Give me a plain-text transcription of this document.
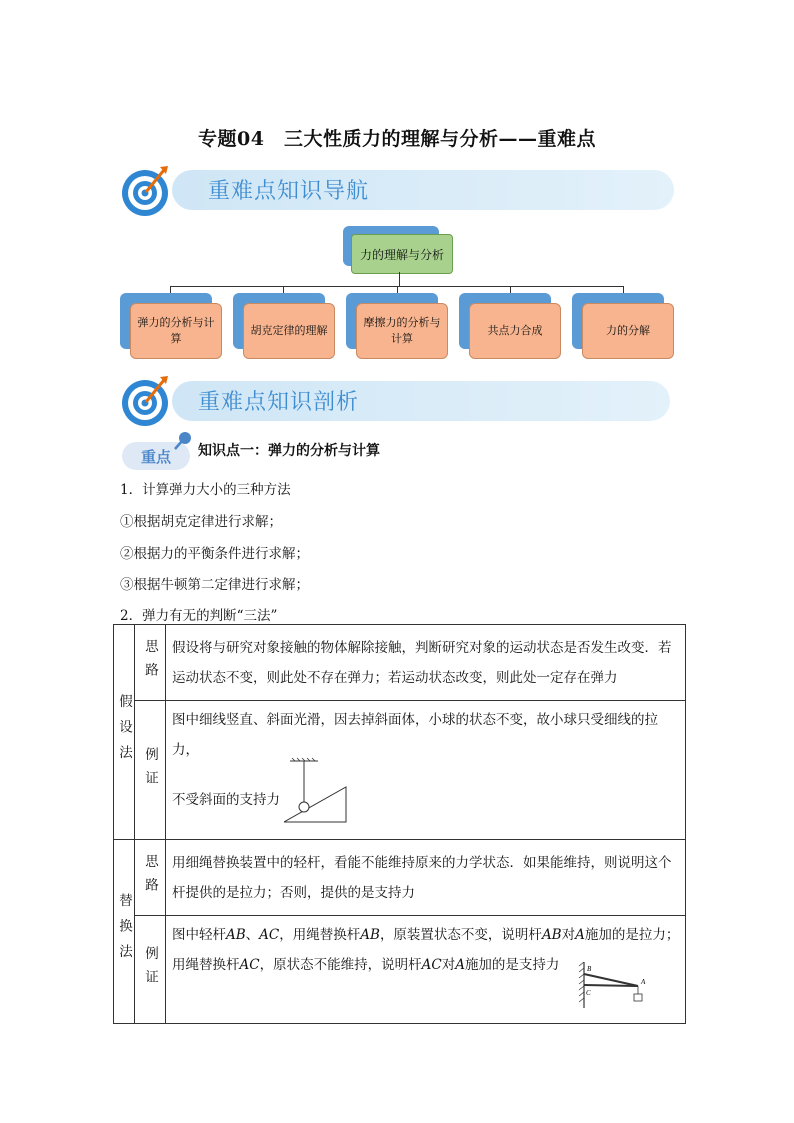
专题04　三大性质力的理解与分析——重难点
重难点知识导航
力的理解与分析
弹力的分析与计算
胡克定律的理解
摩擦力的分析与计算
共点力合成	力的分解
重难点知识剖析
重点	知识点一：弹力的分析与计算
1．计算弹力大小的三种方法
①根据胡克定律进行求解；
②根据力的平衡条件进行求解；
③根据牛顿第二定律进行求解；
2．弹力有无的判断“三法”
假设法	思路	假设将与研究对象接触的物体解除接触，判断研究对象的运动状态是否发生改变．若运动状态不变，则此处不存在弹力；若运动状态改变，则此处一定存在弹力
	例证	图中细线竖直、斜面光滑，因去掉斜面体，小球的状态不变，故小球只受细线的拉力，
不受斜面的支持力

替换法	思路	用细绳替换装置中的轻杆，看能不能维持原来的力学状态．如果能维持，则说明这个杆提供的是拉力；否则，提供的是支持力
	例证	图中轻杆AB、AC，用绳替换杆AB，原装置状态不变，说明杆AB对A施加的是拉力；
用绳替换杆AC，原状态不能维持，说明杆AC对A施加的是支持力 B
C
A
